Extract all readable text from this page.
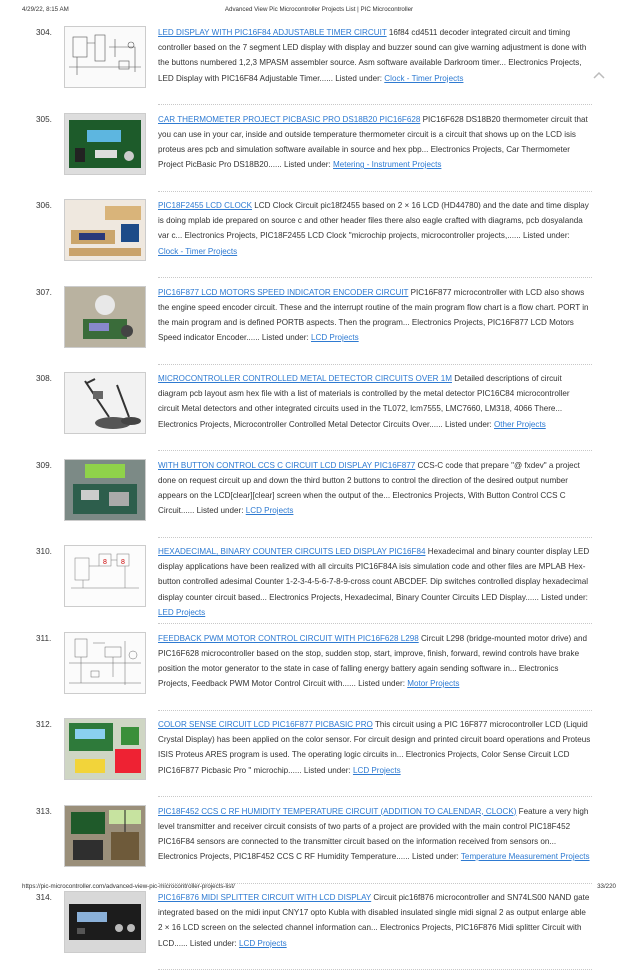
4/29/22, 8:15 AM	Advanced View Pic Microcontroller Projects List | PIC Microcontroller
304.	LED DISPLAY WITH PIC16F84 ADJUSTABLE TIMER CIRCUIT 16f84 cd4511 decoder integrated circuit and timing controller based on the 7 segment LED display with display and buzzer sound can give warning adjustment is done with the buttons numbered 1,2,3 MPASM assembler source. Asm software available Darkroom timer... Electronics Projects, LED Display with PIC16F84 Adjustable Timer...... Listed under: Clock - Timer Projects
305.	CAR THERMOMETER PROJECT PICBASIC PRO DS18B20 PIC16F628 PIC16F628 DS18B20 thermometer circuit that you can use in your car, inside and outside temperature thermometer circuit is a circuit that shows up on the LCD isis proteus ares pcb and simulation software available in source and hex pbp... Electronics Projects, Car Thermometer Project PicBasic Pro DS18B20...... Listed under: Metering - Instrument Projects
306.	PIC18F2455 LCD CLOCK LCD Clock Circuit pic18f2455 based on 2 × 16 LCD (HD44780) and the date and time display is doing mplab ide prepared on source c and other header files there also eagle crafted with diagrams, pcb dosyalanda var c... Electronics Projects, PIC18F2455 LCD Clock "microchip projects, microcontroller projects,...... Listed under: Clock - Timer Projects
307.	PIC16F877 LCD MOTORS SPEED INDICATOR ENCODER CIRCUIT PIC16F877 microcontroller with LCD also shows the engine speed encoder circuit. These and the interrupt routine of the main program flow chart is a flow chart. PORT in the main program and is defined PORTB aspects. Then the program... Electronics Projects, PIC16F877 LCD Motors Speed indicator Encoder...... Listed under: LCD Projects
308.	MICROCONTROLLER CONTROLLED METAL DETECTOR CIRCUITS OVER 1M Detailed descriptions of circuit diagram pcb layout asm hex file with a list of materials is controlled by the metal detector PIC16C84 microcontroller circuit Metal detectors and other integrated circuits used in the TL072, lcm7555, LMC7660, LM318, 4066 There... Electronics Projects, Microcontroller Controlled Metal Detector Circuits Over...... Listed under: Other Projects
309.	WITH BUTTON CONTROL CCS C CIRCUIT LCD DISPLAY PIC16F877 CCS-C code that prepare "@ fxdev" a project done on request circuit up and down the third button 2 buttons to control the direction of the desired output number appears on the LCD[clear][clear] screen when the output of the... Electronics Projects, With Button Control CCS C Circuit...... Listed under: LCD Projects
310.
8 8
HEXADECIMAL, BINARY COUNTER CIRCUITS LED DISPLAY PIC16F84 Hexadecimal and binary counter display LED display applications have been realized with all circuits PIC16F84A isis simulation code and other files are MPLAB Hex-button controlled adesimal Counter 1-2-3-4-5-6-7-8-9-cross count ABCDEF. Dip switches controlled display hexadecimal display counter circuit based... Electronics Projects, Hexadecimal, Binary Counter Circuits LED Display...... Listed under: LED Projects
311.	FEEDBACK PWM MOTOR CONTROL CIRCUIT WITH PIC16F628 L298 Circuit L298 (bridge-mounted motor drive) and PIC16F628 microcontroller based on the stop, sudden stop, start, improve, finish, forward, rewind controls have brake position the motor generator to the state in case of falling energy battery again sending software in... Electronics Projects, Feedback PWM Motor Control Circuit with...... Listed under: Motor Projects
312.	COLOR SENSE CIRCUIT LCD PIC16F877 PICBASIC PRO This circuit using a PIC 16F877 microcontroller LCD (Liquid Crystal Display) has been applied on the color sensor. For circuit design and printed circuit board operations and Proteus ISIS Proteus ARES program is used. The operating logic circuits in... Electronics Projects, Color Sense Circuit LCD PIC16F877 Picbasic Pro " microchip...... Listed under: LCD Projects
313.	PIC18F452 CCS C RF HUMIDITY TEMPERATURE CIRCUIT (ADDITION TO CALENDAR, CLOCK) Feature a very high level transmitter and receiver circuit consists of two parts of a project are provided with the main control PIC18F452 PIC16F84 sensors are connected to the transmitter circuit based on the information received from sensors on... Electronics Projects, PIC18F452 CCS C RF Humidity Temperature...... Listed under: Temperature Measurement Projects
314.	PIC16F876 MIDI SPLITTER CIRCUIT WITH LCD DISPLAY Circuit pic16f876 microcontroller and SN74LS00 NAND gate integrated based on the midi input CNY17 opto Kubla with disabled insulated single midi signal 2 as output enlarge able 2 × 16 LCD screen on the selected channel information can... Electronics Projects, PIC16F876 Midi splitter Circuit with LCD...... Listed under: LCD Projects
https://pic-microcontroller.com/advanced-view-pic-microcontroller-projects-list/	33/220
